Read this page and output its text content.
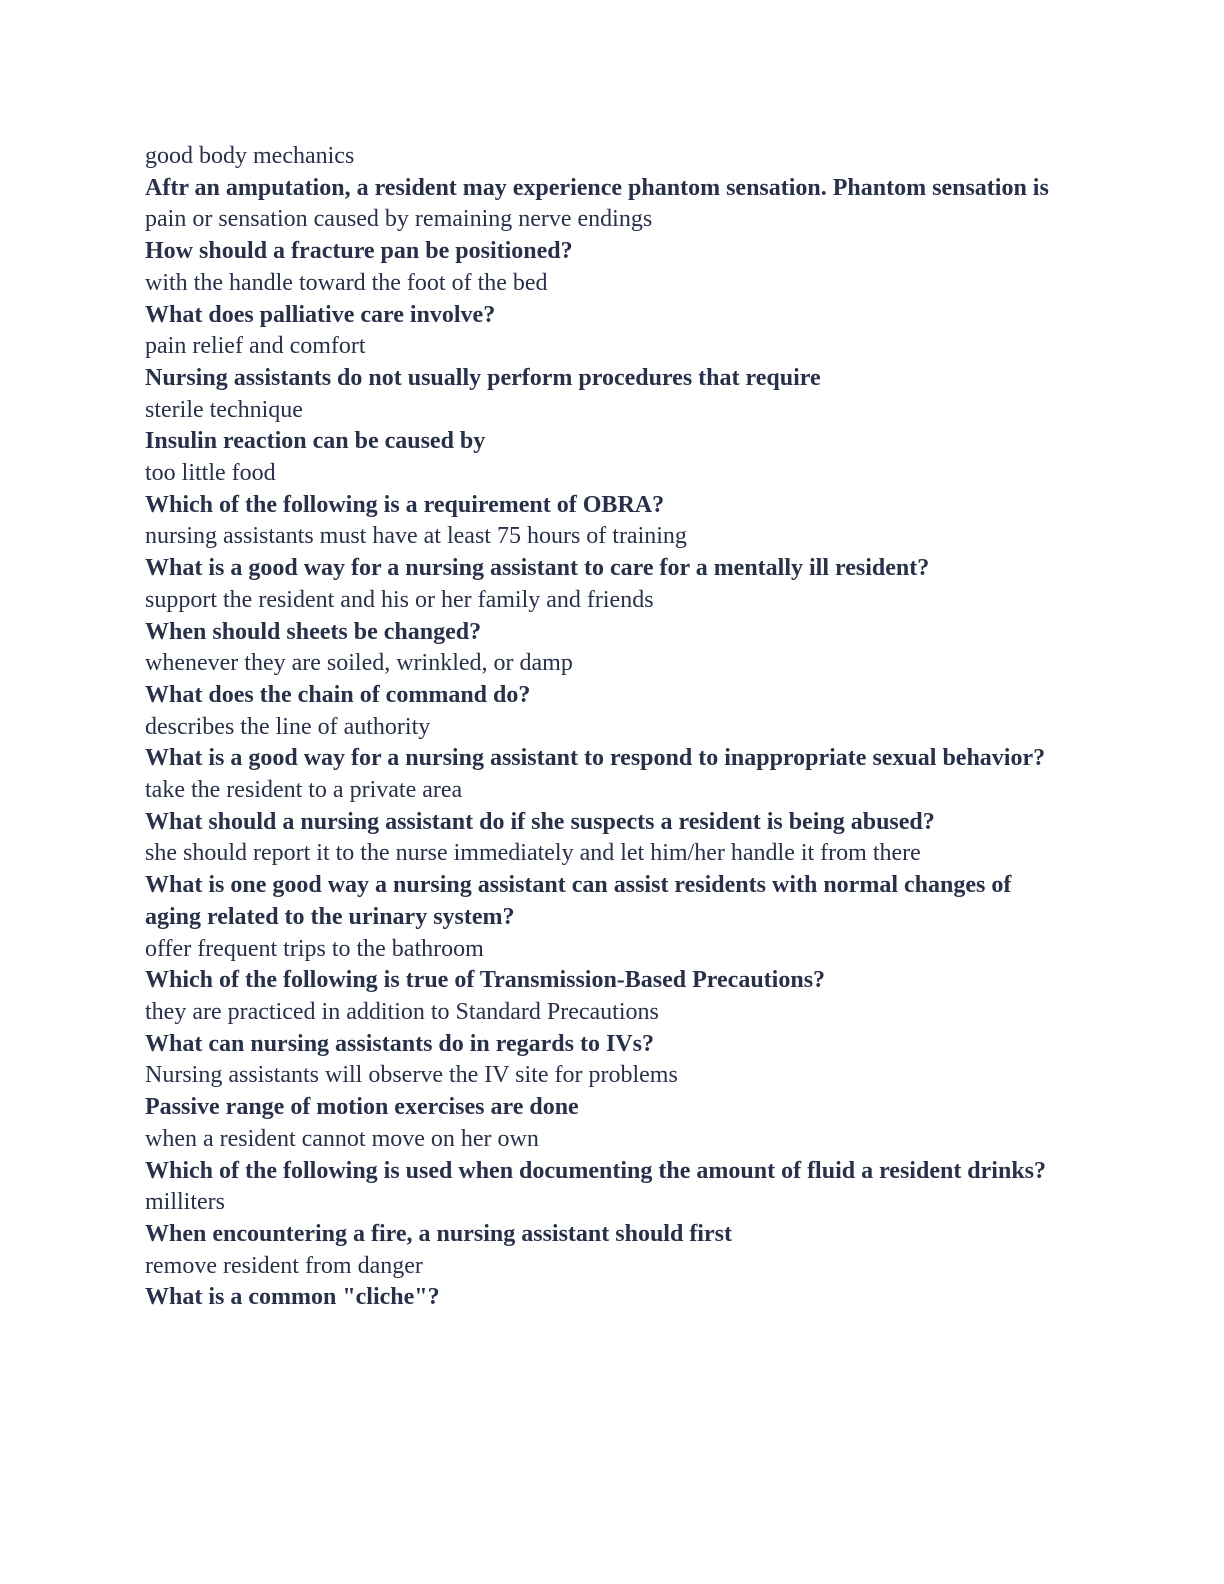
good body mechanics

Aftr an amputation, a resident may experience phantom sensation. Phantom sensation is

pain or sensation caused by remaining nerve endings

How should a fracture pan be positioned?

with the handle toward the foot of the bed

What does palliative care involve?

pain relief and comfort

Nursing assistants do not usually perform procedures that require

sterile technique

Insulin reaction can be caused by

too little food

Which of the following is a requirement of OBRA?

nursing assistants must have at least 75 hours of training

What is a good way for a nursing assistant to care for a mentally ill resident?

support the resident and his or her family and friends

When should sheets be changed?

whenever they are soiled, wrinkled, or damp

What does the chain of command do?

describes the line of authority

What is a good way for a nursing assistant to respond to inappropriate sexual behavior?

take the resident to a private area

What should a nursing assistant do if she suspects a resident is being abused?

she should report it to the nurse immediately and let him/her handle it from there

What is one good way a nursing assistant can assist residents with normal changes of aging related to the urinary system?

offer frequent trips to the bathroom

Which of the following is true of Transmission-Based Precautions?

they are practiced in addition to Standard Precautions

What can nursing assistants do in regards to IVs?

Nursing assistants will observe the IV site for problems

Passive range of motion exercises are done

when a resident cannot move on her own

Which of the following is used when documenting the amount of fluid a resident drinks?

milliters

When encountering a fire, a nursing assistant should first

remove resident from danger

What is a common "cliche"?
